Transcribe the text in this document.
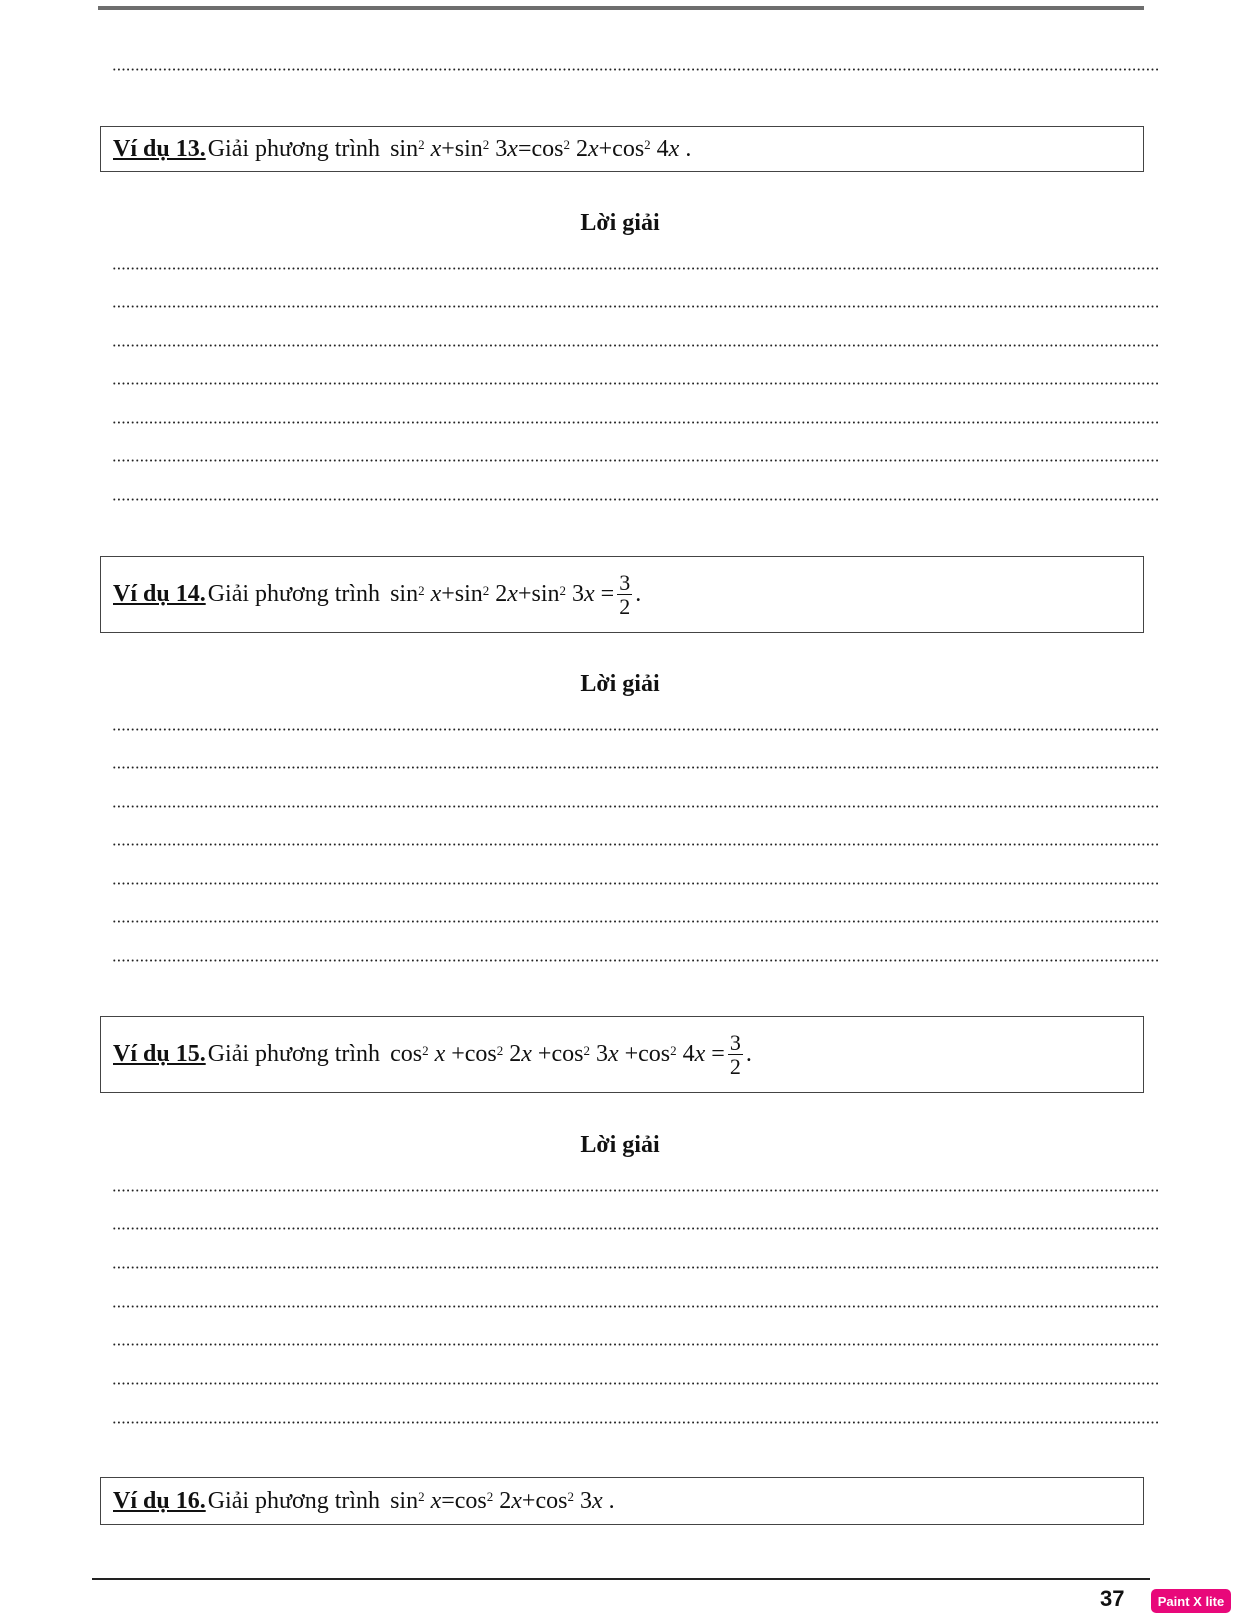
Ví dụ 13. Giải phương trình $\sin^2$
$x +\sin^2$ 3 $x =\cos^2$ 2 $x +\cos^2$ 4 x .
Lời giải
Ví dụ 14. Giải phương trình $\sin^2$
$x +\sin^2$ 2 $x +\sin^2$ 3 $x = \frac{3}{2}$ .
Lời giải
Ví dụ 15. Giải phương trình $\cos^2$
$x +\cos^2$ 2 $x +\cos^2$ 3 $x +\cos^2$ 4 $x = \frac{3}{2}$ .
Lời giải
Ví dụ 16. Giải phương trình $\sin^2$
$x =\cos^2$ 2 $x +\cos^2$ 3 x .
37	Paint X lite
